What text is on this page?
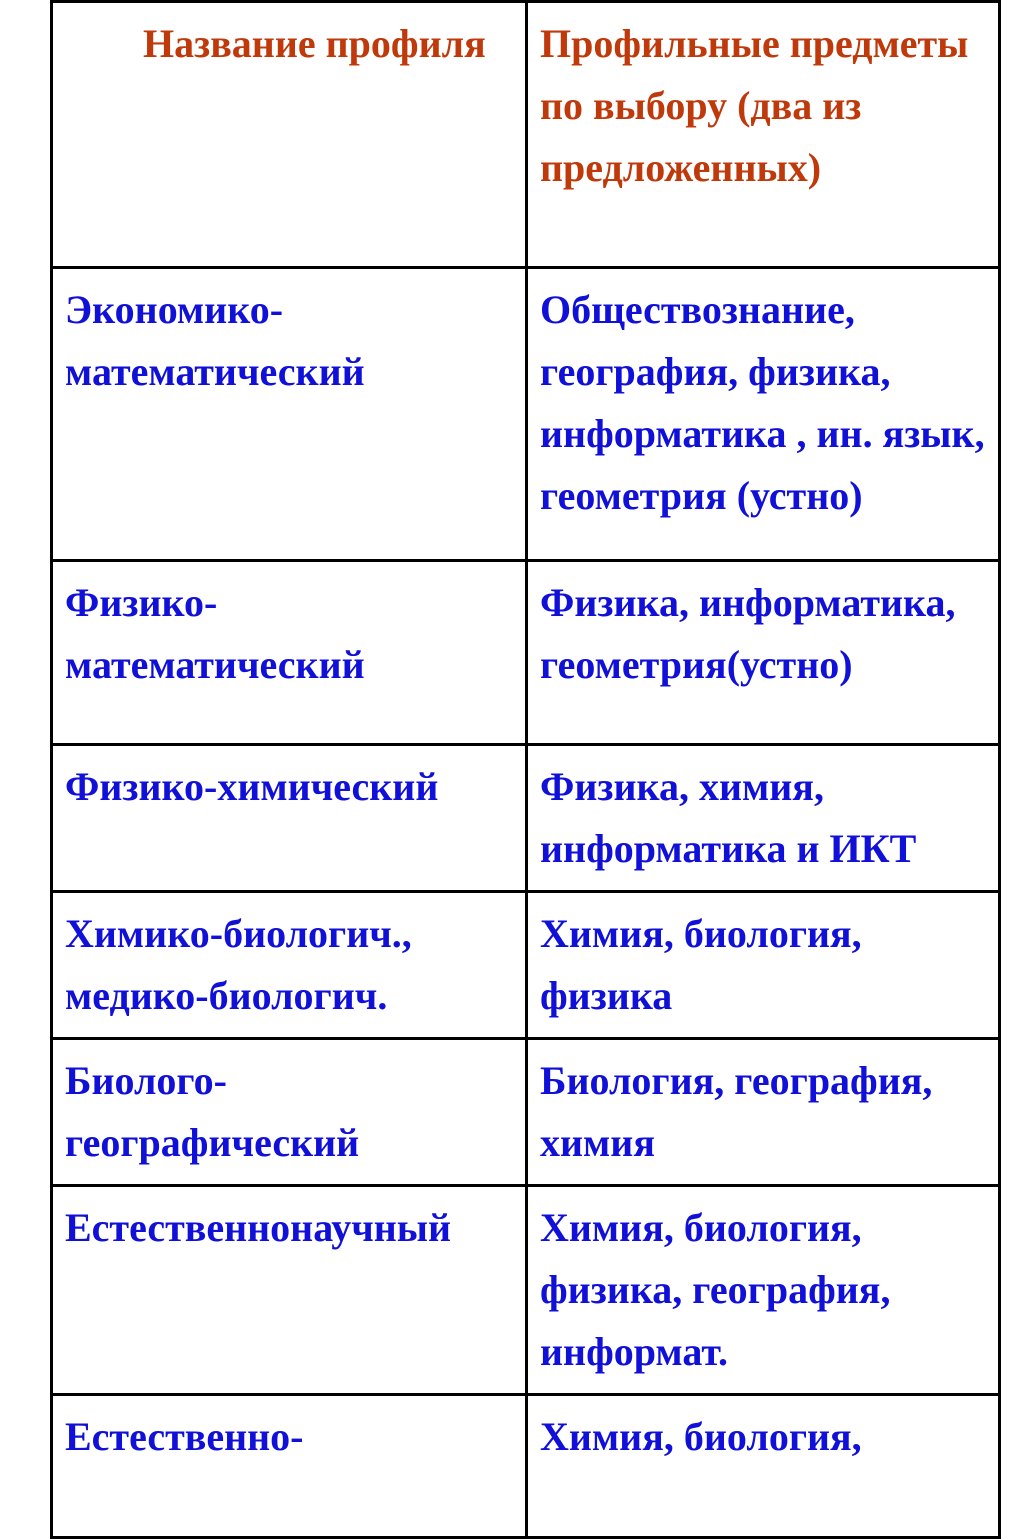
Название профиля	Профильные предметы по выбору (два из предложенных)

Экономико-математический	Обществознание, география, физика, информатика , ин. язык, геометрия (устно)

Физико-математический	Физика, информатика, геометрия(устно)

Физико-химический	Физика, химия, информатика и ИКТ

Химико-биологич., медико-биологич.	Химия, биология, физика

Биолого-географический	Биология, география, химия

Естественнонаучный	Химия, биология, физика, география, информат.

Естественно-	Химия, биология,
